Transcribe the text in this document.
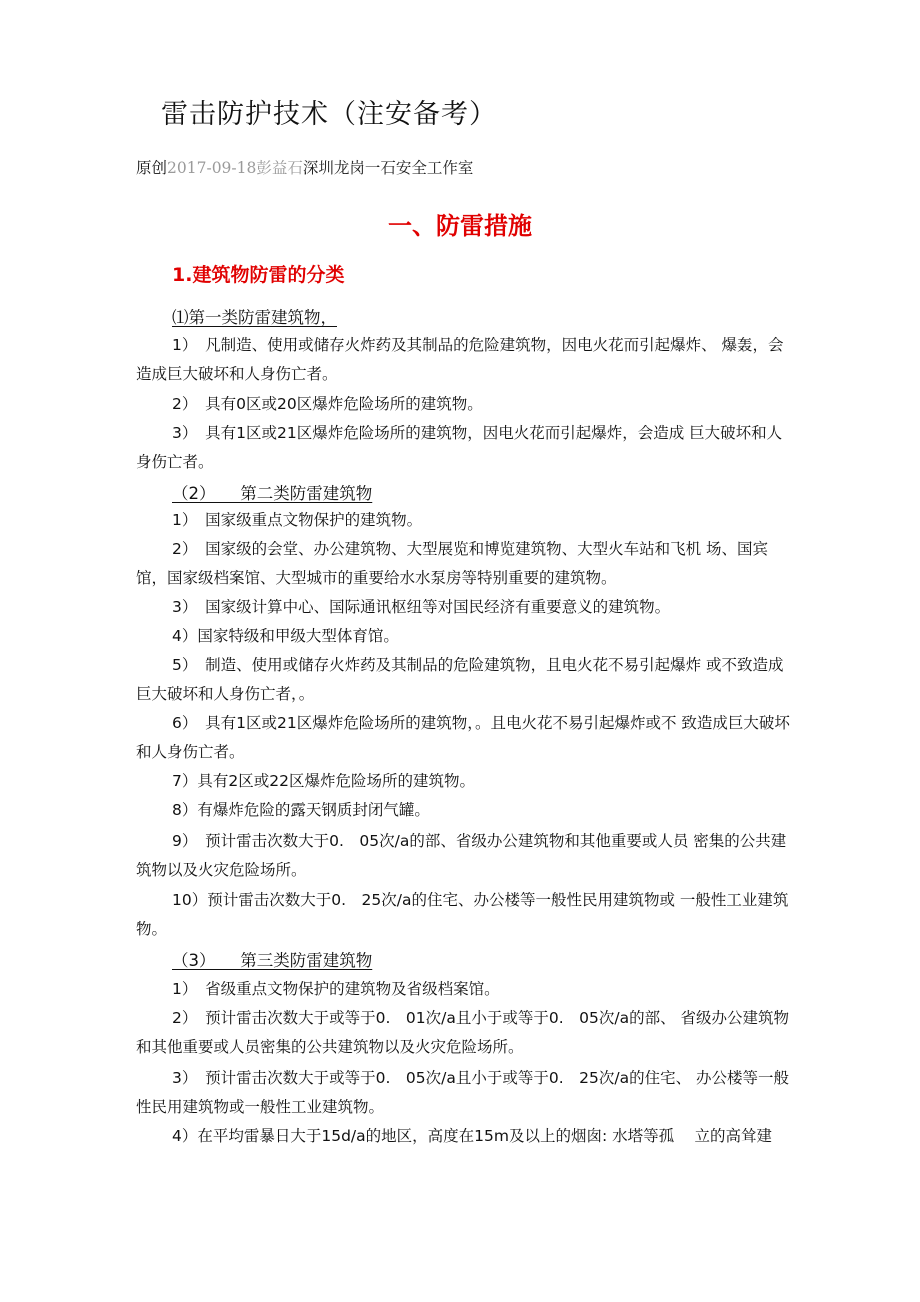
雷击防护技术（注安备考）
原创2017-09-18彭益石深圳龙岗一石安全工作室
一、防雷措施
1.建筑物防雷的分类
⑴第一类防雷建筑物，

1）　凡制造、使用或储存火炸药及其制品的危险建筑物，因电火花而引起爆炸、 爆轰，会造成巨大破坏和人身伤亡者。

2）　具有0区或20区爆炸危险场所的建筑物。

3）　具有1区或21区爆炸危险场所的建筑物，因电火花而引起爆炸，会造成 巨大破坏和人身伤亡者。

（2）　　第二类防雷建筑物

1）　国家级重点文物保护的建筑物。

2）　国家级的会堂、办公建筑物、大型展览和博览建筑物、大型火车站和飞机 场、国宾馆，国家级档案馆、大型城市的重要给水水泵房等特别重要的建筑物。

3）　国家级计算中心、国际通讯枢纽等对国民经济有重要意义的建筑物。

4）国家特级和甲级大型体育馆。

5）　制造、使用或储存火炸药及其制品的危险建筑物，且电火花不易引起爆炸 或不致造成巨大破坏和人身伤亡者，。

6）　具有1区或21区爆炸危险场所的建筑物，。且电火花不易引起爆炸或不 致造成巨大破坏和人身伤亡者。

7）具有2区或22区爆炸危险场所的建筑物。

8）有爆炸危险的露天钢质封闭气罐。

9）　预计雷击次数大于0.　05次/a的部、省级办公建筑物和其他重要或人员 密集的公共建筑物以及火灾危险场所。

10）预计雷击次数大于0.　25次/a的住宅、办公楼等一般性民用建筑物或 一般性工业建筑物。

（3）　　第三类防雷建筑物

1）　省级重点文物保护的建筑物及省级档案馆。

2）　预计雷击次数大于或等于0.　01次/a且小于或等于0.　05次/a的部、 省级办公建筑物和其他重要或人员密集的公共建筑物以及火灾危险场所。

3）　预计雷击次数大于或等于0.　05次/a且小于或等于0.　25次/a的住宅、 办公楼等一般性民用建筑物或一般性工业建筑物。

4）在平均雷暴日大于15d/a的地区，高度在15m及以上的烟囱: 水塔等孤　 立的高耸建
